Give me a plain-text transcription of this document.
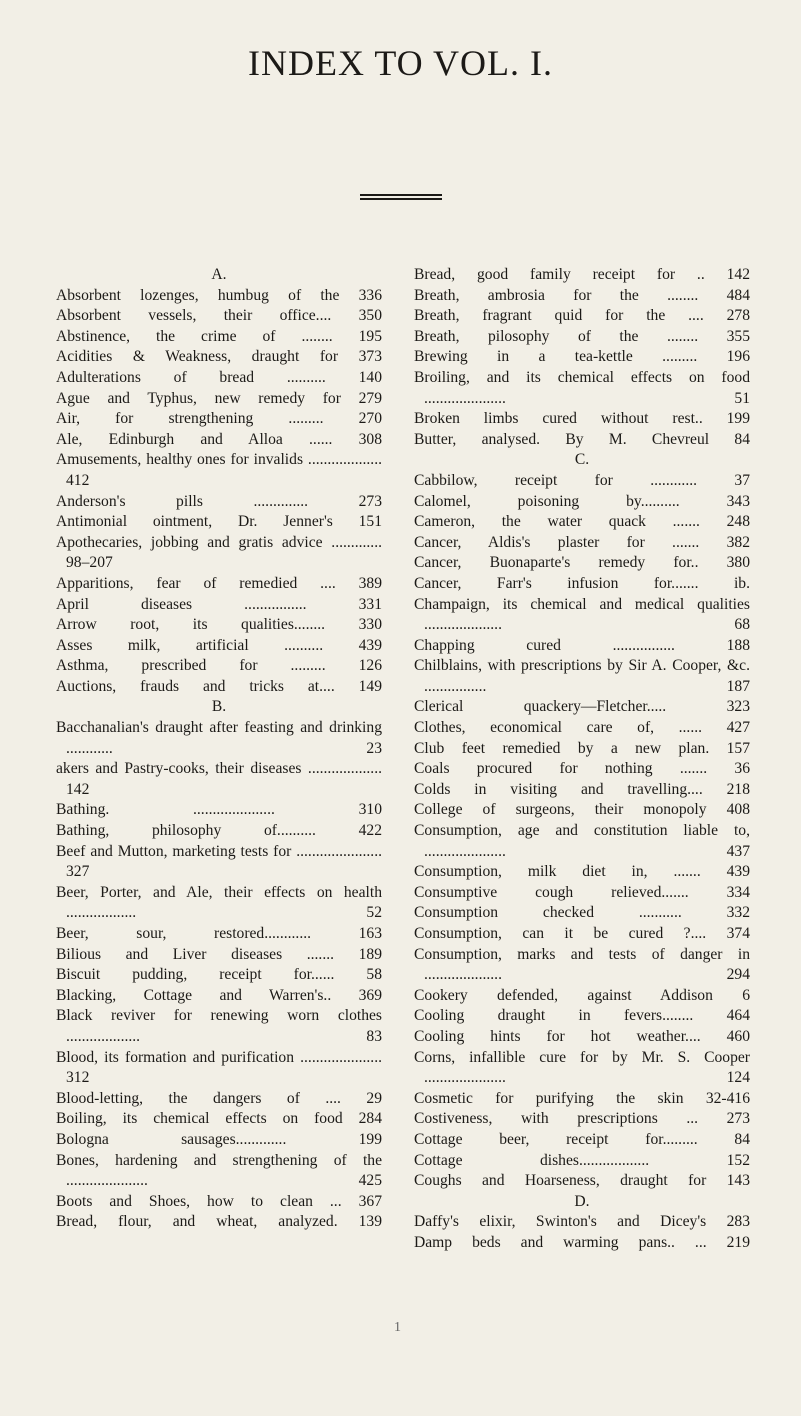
INDEX TO VOL. I.
A.
Absorbent lozenges, humbug of the 336
Absorbent vessels, their office.... 350
Abstinence, the crime of ........ 195
Acidities & Weakness, draught for 373
Adulterations of bread .......... 140
Ague and Typhus, new remedy for 279
Air, for strengthening ......... 270
Ale, Edinburgh and Alloa ...... 308
Amusements, healthy ones for invalids ................... 412
Anderson's pills .............. 273
Antimonial ointment, Dr. Jenner's 151
Apothecaries, jobbing and gratis advice ............. 98–207
Apparitions, fear of remedied .... 389
April diseases ................ 331
Arrow root, its qualities........ 330
Asses milk, artificial .......... 439
Asthma, prescribed for ......... 126
Auctions, frauds and tricks at.... 149
B.
Bacchanalian's draught after feasting and drinking ............ 23
akers and Pastry-cooks, their diseases ................... 142
Bathing. ..................... 310
Bathing, philosophy of.......... 422
Beef and Mutton, marketing tests for ...................... 327
Beer, Porter, and Ale, their effects on health .................. 52
Beer, sour, restored............ 163
Bilious and Liver diseases ....... 189
Biscuit pudding, receipt for...... 58
Blacking, Cottage and Warren's.. 369
Black reviver for renewing worn clothes ................... 83
Blood, its formation and purification ..................... 312
Blood-letting, the dangers of .... 29
Boiling, its chemical effects on food 284
Bologna sausages............. 199
Bones, hardening and strengthening of the ..................... 425
Boots and Shoes, how to clean ... 367
Bread, flour, and wheat, analyzed. 139
Bread, good family receipt for .. 142
Breath, ambrosia for the ........ 484
Breath, fragrant quid for the .... 278
Breath, pilosophy of the ........ 355
Brewing in a tea-kettle ......... 196
Broiling, and its chemical effects on food ..................... 51
Broken limbs cured without rest.. 199
Butter, analysed. By M. Chevreul 84
C.
Cabbilow, receipt for ............ 37
Calomel, poisoning by.......... 343
Cameron, the water quack ....... 248
Cancer, Aldis's plaster for ....... 382
Cancer, Buonaparte's remedy for.. 380
Cancer, Farr's infusion for....... ib.
Champaign, its chemical and medical qualities .................... 68
Chapping cured ................ 188
Chilblains, with prescriptions by Sir A. Cooper, &c. ................ 187
Clerical quackery—Fletcher..... 323
Clothes, economical care of, ...... 427
Club feet remedied by a new plan. 157
Coals procured for nothing ....... 36
Colds in visiting and travelling.... 218
College of surgeons, their monopoly 408
Consumption, age and constitution liable to, ..................... 437
Consumption, milk diet in, ....... 439
Consumptive cough relieved....... 334
Consumption checked ........... 332
Consumption, can it be cured ?.... 374
Consumption, marks and tests of danger in .................... 294
Cookery defended, against Addison 6
Cooling draught in fevers........ 464
Cooling hints for hot weather.... 460
Corns, infallible cure for by Mr. S. Cooper ..................... 124
Cosmetic for purifying the skin 32-416
Costiveness, with prescriptions ... 273
Cottage beer, receipt for......... 84
Cottage dishes.................. 152
Coughs and Hoarseness, draught for 143
D.
Daffy's elixir, Swinton's and Dicey's 283
Damp beds and warming pans.. ... 219
1
